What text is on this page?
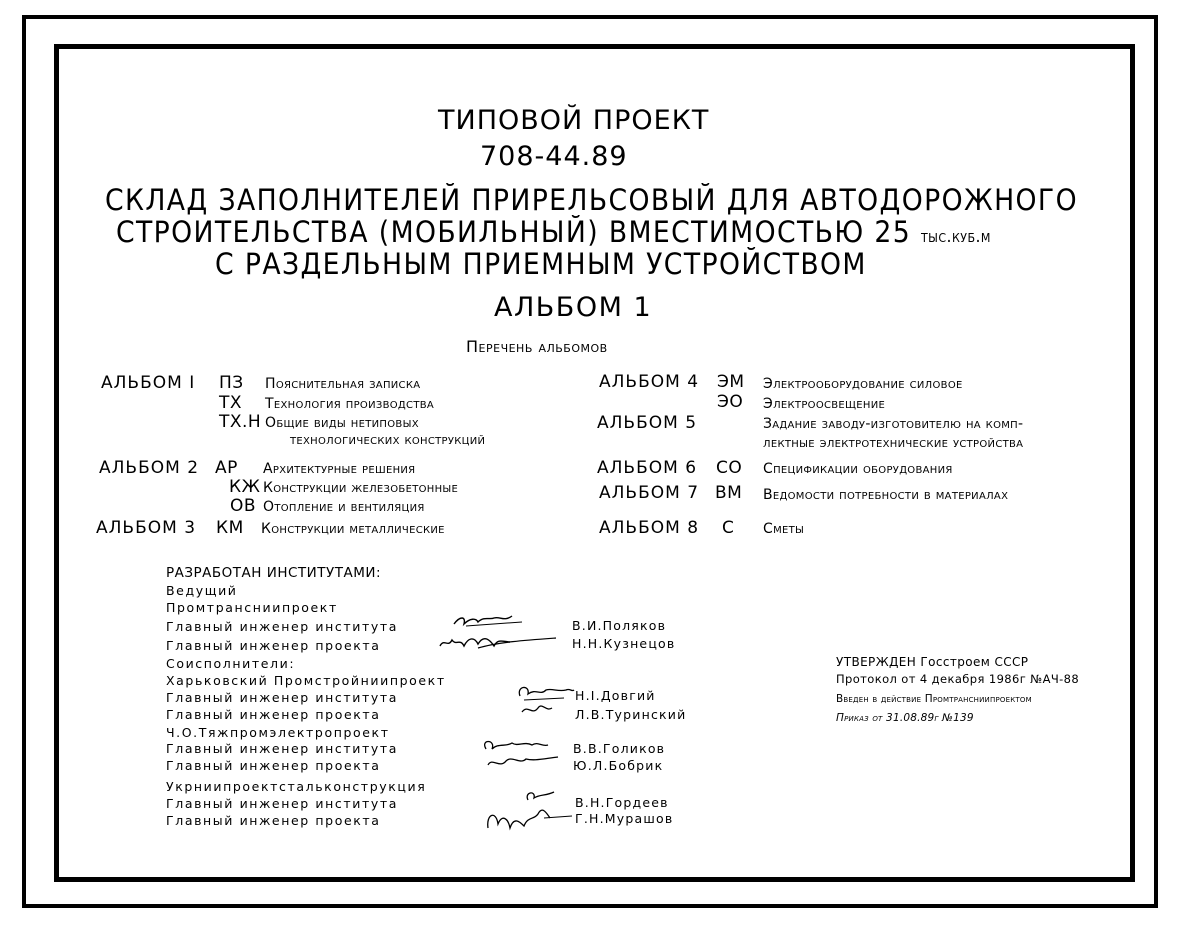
ТИПОВОЙ ПРОЕКТ
708-44.89
СКЛАД ЗАПОЛНИТЕЛЕЙ ПРИРЕЛЬСОВЫЙ ДЛЯ АВТОДОРОЖНОГО
СТРОИТЕЛЬСТВА (МОБИЛЬНЫЙ) ВМЕСТИМОСТЬЮ 25 тыс.куб.м
С РАЗДЕЛЬНЫМ ПРИЕМНЫМ УСТРОЙСТВОМ
АЛЬБОМ 1
Перечень альбомов
АЛЬБОМ I ПЗ Пояснительная записка
ТХ Технология производства
ТХ.Н Общие виды нетиповых
технологических конструкций
АЛЬБОМ 2 АР Архитектурные решения
КЖ Конструкции железобетонные
ОВ Отопление и вентиляция
АЛЬБОМ 3 КМ Конструкции металлические
АЛЬБОМ 4 ЭМ Электрооборудование силовое
ЭО Электроосвещение
АЛЬБОМ 5	Задание заводу-изготовителю на комп-
лектные электротехнические устройства
АЛЬБОМ 6 СО Спецификации оборудования
АЛЬБОМ 7 ВМ Ведомости потребности в материалах
АЛЬБОМ 8 С Сметы
РАЗРАБОТАН ИНСТИТУТАМИ:
Ведущий
Промтрансниипроект
Главный инженер института	В.И.Поляков
Главный инженер проекта	Н.Н.Кузнецов
Соисполнители:
Харьковский Промстройниипроект
Главный инженер института	Н.І.Довгий
Главный инженер проекта	Л.В.Туринский
Ч.О.Тяжпромэлектропроект
Главный инженер института	В.В.Голиков
Главный инженер проекта	Ю.Л.Бобрик
Укрниипроектстальконструкция
Главный инженер института	В.Н.Гордеев
Главный инженер проекта	Г.Н.Мурашов
УТВЕРЖДЕН Госстроем СССР
Протокол от 4 декабря 1986г №АЧ-88
Введен в действие Промтрансниипроектом
Приказ от 31.08.89г №139
